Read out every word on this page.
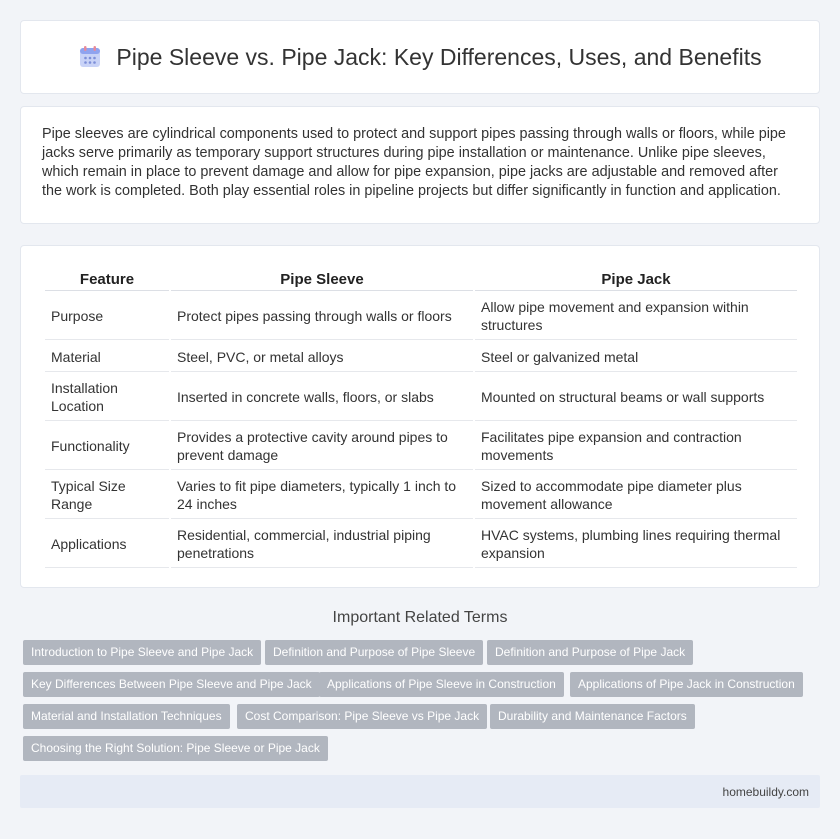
Pipe Sleeve vs. Pipe Jack: Key Differences, Uses, and Benefits

Pipe sleeves are cylindrical components used to protect and support pipes passing through walls or floors, while pipe jacks serve primarily as temporary support structures during pipe installation or maintenance. Unlike pipe sleeves, which remain in place to prevent damage and allow for pipe expansion, pipe jacks are adjustable and removed after the work is completed. Both play essential roles in pipeline projects but differ significantly in function and application.

Feature	Pipe Sleeve	Pipe Jack
Purpose	Protect pipes passing through walls or floors	Allow pipe movement and expansion within structures
Material	Steel, PVC, or metal alloys	Steel or galvanized metal
Installation Location	Inserted in concrete walls, floors, or slabs	Mounted on structural beams or wall supports
Functionality	Provides a protective cavity around pipes to prevent damage	Facilitates pipe expansion and contraction movements
Typical Size Range	Varies to fit pipe diameters, typically 1 inch to 24 inches	Sized to accommodate pipe diameter plus movement allowance
Applications	Residential, commercial, industrial piping penetrations	HVAC systems, plumbing lines requiring thermal expansion
Important Related Terms
Introduction to Pipe Sleeve and Pipe Jack	Definition and Purpose of Pipe Sleeve	Definition and Purpose of Pipe Jack
Key Differences Between Pipe Sleeve and Pipe Jack	Applications of Pipe Sleeve in Construction	Applications of Pipe Jack in Construction
Material and Installation Techniques	Cost Comparison: Pipe Sleeve vs Pipe Jack	Durability and Maintenance Factors
Choosing the Right Solution: Pipe Sleeve or Pipe Jack
homebuildy.com
